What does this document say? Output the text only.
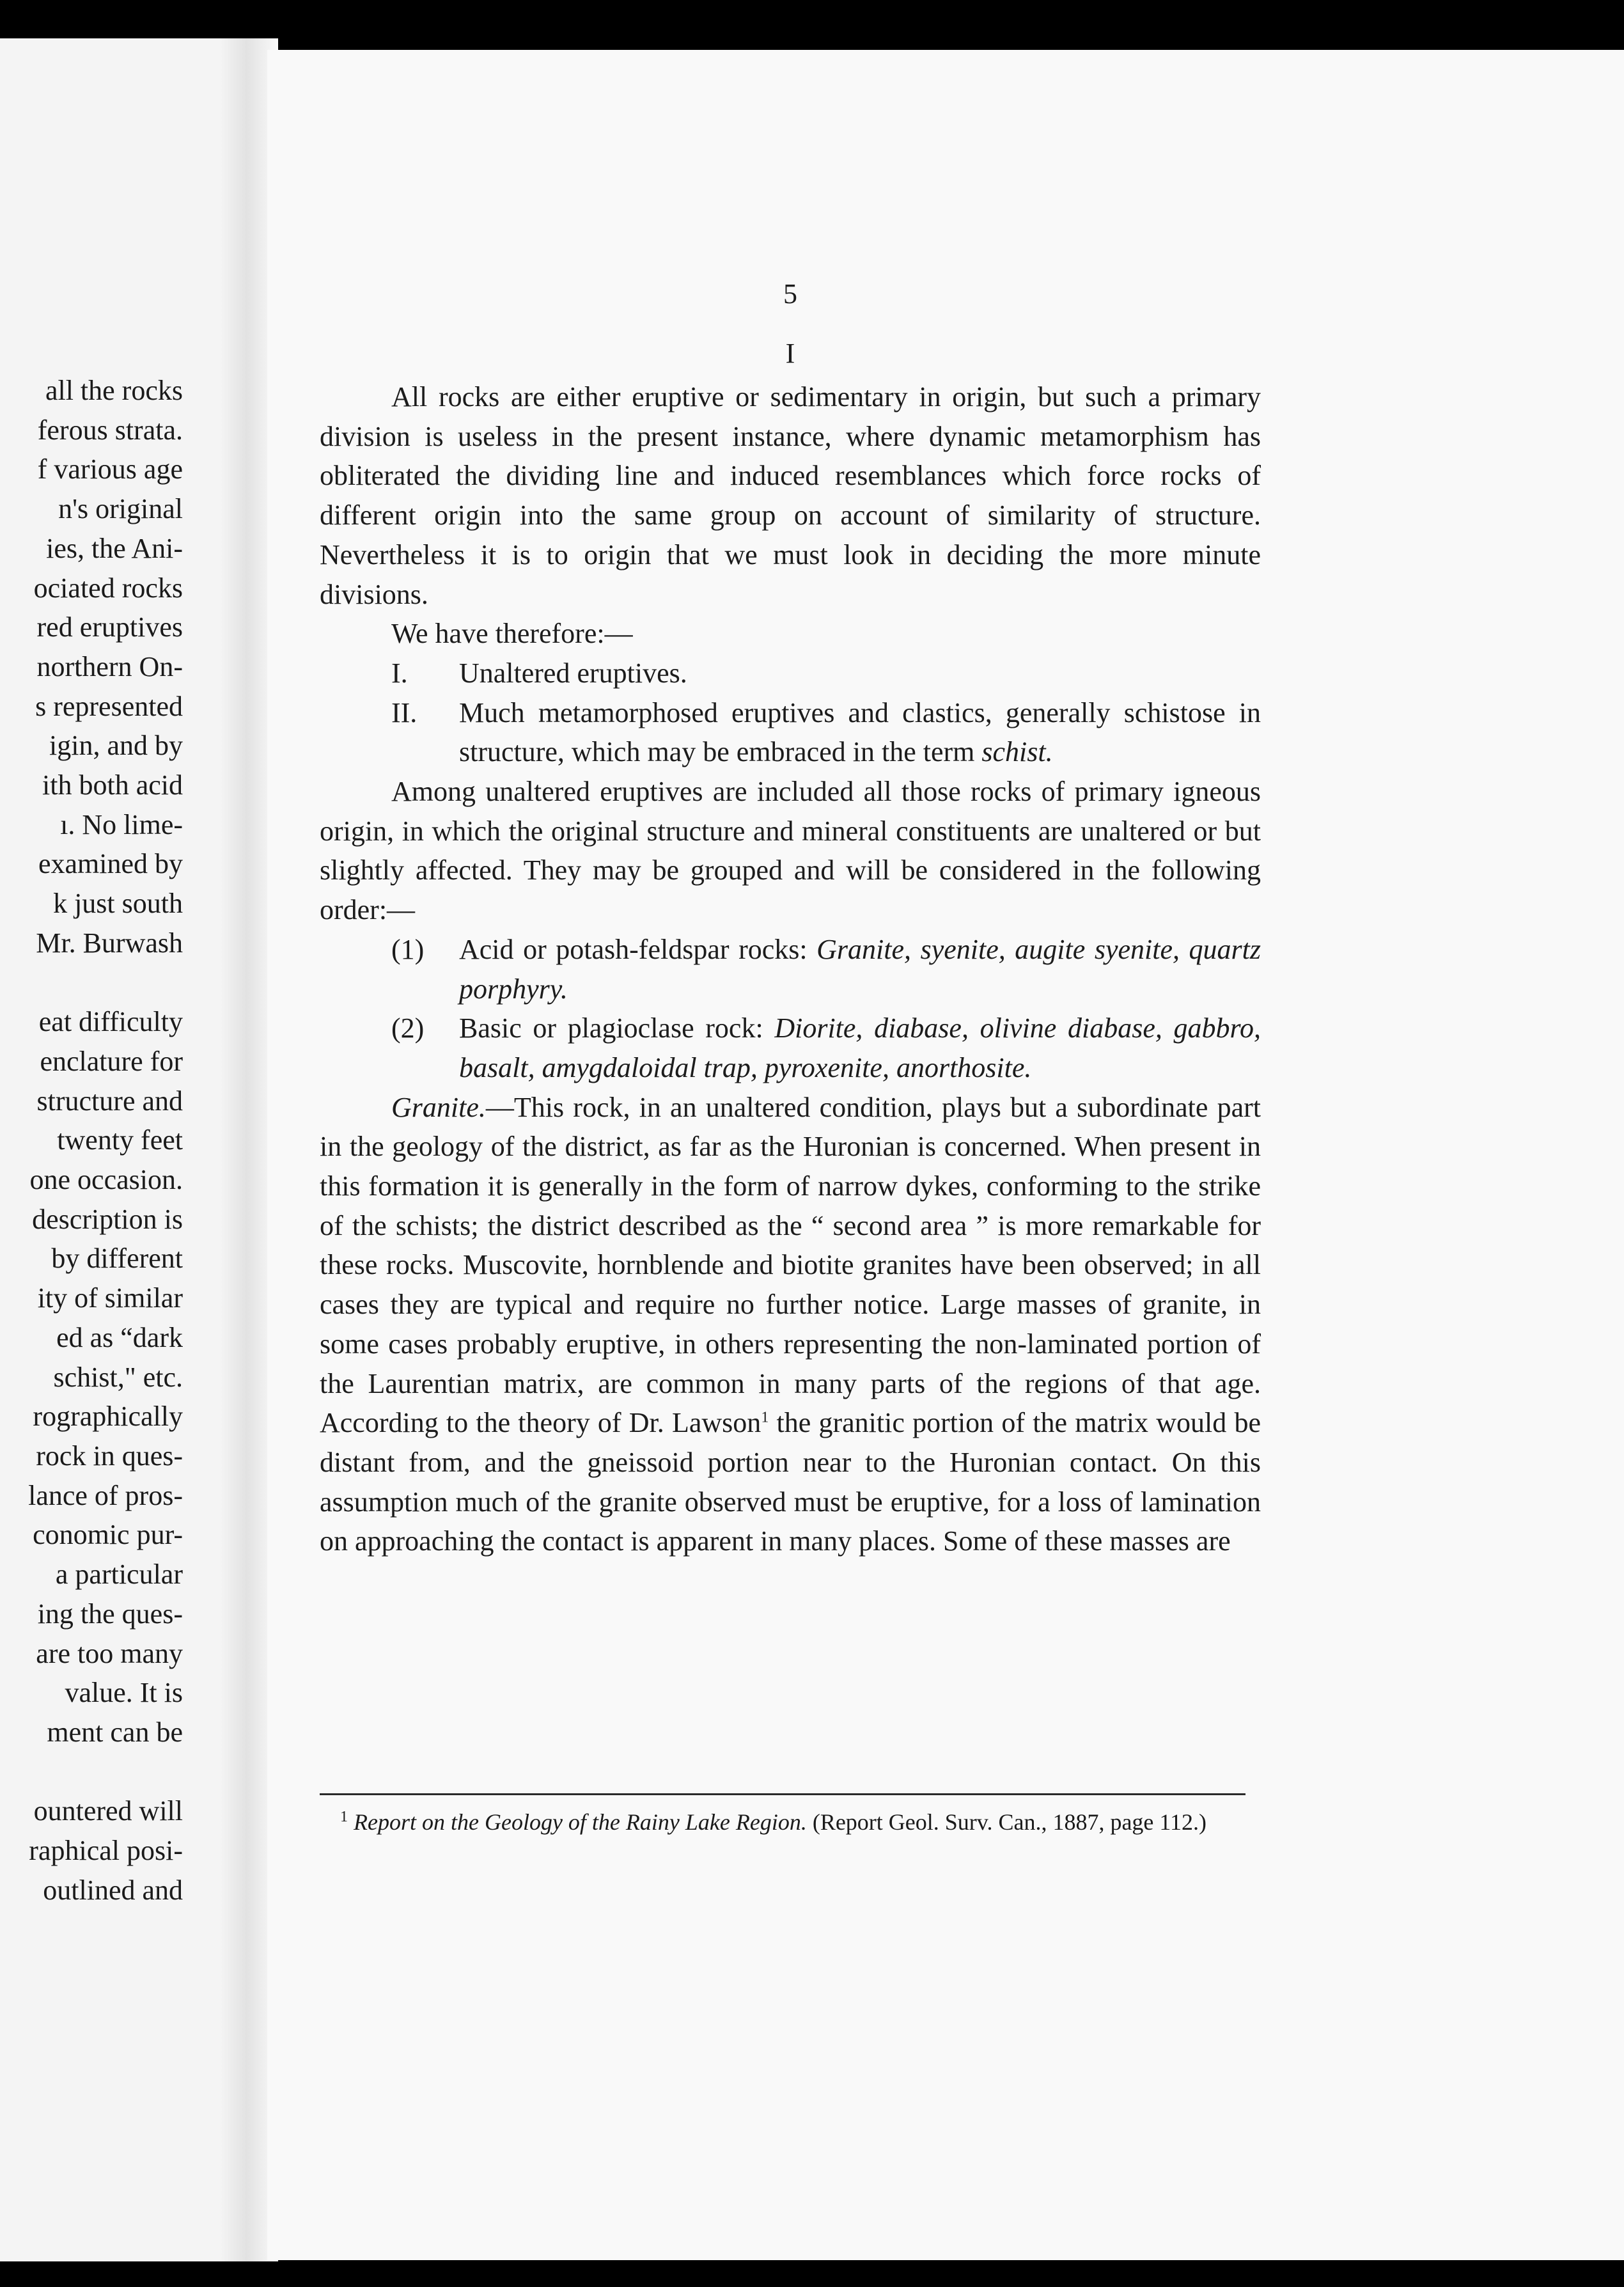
all the rocks
ferous strata.
f various age
n's original
ies, the Ani-
ociated rocks
red eruptives
northern On-
s represented
igin, and by
ith both acid
ı. No lime-
examined by
k just south
Mr. Burwash

eat difficulty
enclature for
structure and
twenty feet
one occasion.
description is
by different
ity of similar
ed as “dark
schist," etc.
rographically
rock in ques-
lance of pros-
conomic pur-
a particular
ing the ques-
are too many
value. It is
ment can be

ountered will
raphical posi-
outlined and
5
I

All rocks are either eruptive or sedimentary in origin, but such a primary division is useless in the present instance, where dynamic metamorphism has obliterated the dividing line and induced resemblances which force rocks of different origin into the same group on account of similarity of structure. Nevertheless it is to origin that we must look in deciding the more minute divisions.

We have therefore:—

I.	Unaltered eruptives.
II.	Much metamorphosed eruptives and clastics, generally schistose in structure, which may be embraced in the term schist.

Among unaltered eruptives are included all those rocks of primary igneous origin, in which the original structure and mineral constituents are unaltered or but slightly affected. They may be grouped and will be considered in the following order:—

(1)	Acid or potash-feldspar rocks: Granite, syenite, augite syenite, quartz porphyry.
(2)	Basic or plagioclase rock: Diorite, diabase, olivine diabase, gabbro, basalt, amygdaloidal trap, pyroxenite, anorthosite.

Granite.—This rock, in an unaltered condition, plays but a subordinate part in the geology of the district, as far as the Huronian is concerned. When present in this formation it is generally in the form of narrow dykes, conforming to the strike of the schists; the district described as the “ second area ” is more remarkable for these rocks. Muscovite, hornblende and biotite granites have been observed; in all cases they are typical and require no further notice. Large masses of granite, in some cases probably eruptive, in others representing the non-laminated portion of the Laurentian matrix, are common in many parts of the regions of that age. According to the theory of Dr. Lawson$^1$ the granitic portion of the matrix would be distant from, and the gneissoid portion near to the Huronian contact. On this assumption much of the granite observed must be eruptive, for a loss of lamination on approaching the contact is apparent in many places. Some of these masses are

$^1$ Report on the Geology of the Rainy Lake Region. (Report Geol. Surv. Can., 1887, page 112.)
